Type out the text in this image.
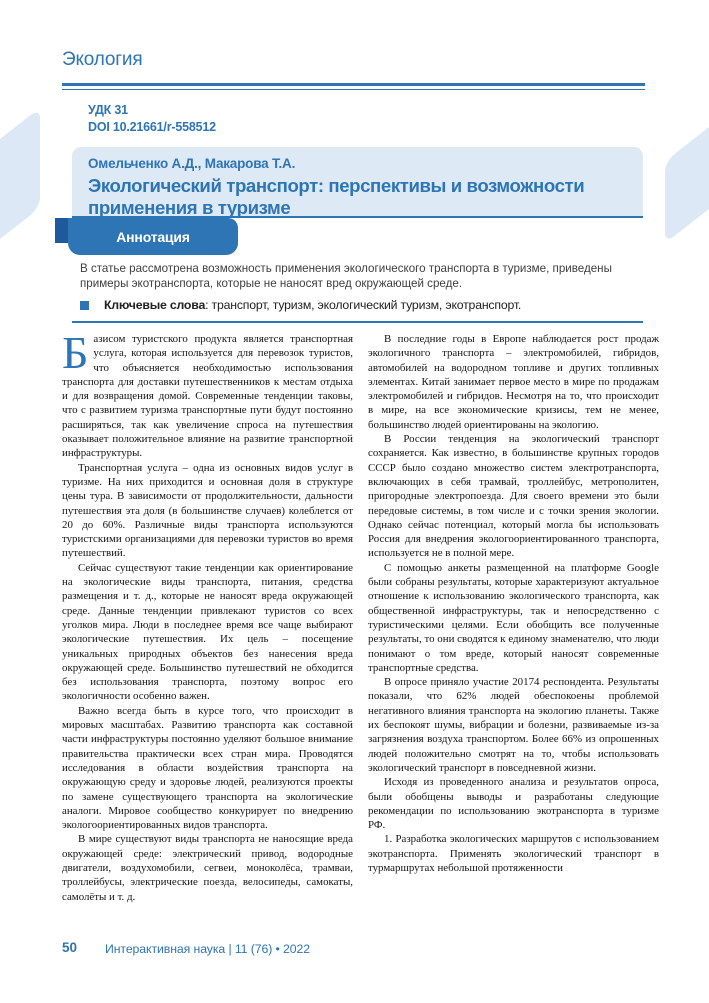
Экология
УДК 31
DOI 10.21661/r-558512
Омельченко А.Д., Макарова Т.А.
Экологический транспорт: перспективы и возможности применения в туризме
Аннотация
В статье рассмотрена возможность применения экологического транспорта в туризме, приведены примеры экотранспорта, которые не наносят вред окружающей среде.
Ключевые слова : транспорт, туризм, экологический туризм, экотранспорт.

Базисом туристского продукта является транспортная услуга, которая используется для перевозок туристов, что объясняется необходимостью использования транспорта для доставки путешественников к местам отдыха и для возвращения домой. Современные тенденции таковы, что с развитием туризма транспортные пути будут постоянно расширяться, так как увеличение спроса на путешествия оказывает положительное влияние на развитие транспортной инфраструктуры.

Транспортная услуга – одна из основных видов услуг в туризме. На них приходится и основная доля в структуре цены тура. В зависимости от продолжительности, дальности путешествия эта доля (в большинстве случаев) колеблется от 20 до 60%. Различные виды транспорта используются туристскими организациями для перевозки туристов во время путешествий.

Сейчас существуют такие тенденции как ориентирование на экологические виды транспорта, питания, средства размещения и т. д., которые не наносят вреда окружающей среде. Данные тенденции привлекают туристов со всех уголков мира. Люди в последнее время все чаще выбирают экологические путешествия. Их цель – посещение уникальных природных объектов без нанесения вреда окружающей среде. Большинство путешествий не обходится без использования транспорта, поэтому вопрос его экологичности особенно важен.

Важно всегда быть в курсе того, что происходит в мировых масштабах. Развитию транспорта как составной части инфраструктуры постоянно уделяют большое внимание правительства практически всех стран мира. Проводятся исследования в области воздействия транспорта на окружающую среду и здоровье людей, реализуются проекты по замене существующего транспорта на экологические аналоги. Мировое сообщество конкурирует по внедрению экологоориентированных видов транспорта.

В мире существуют виды транспорта не наносящие вреда окружающей среде: электрический привод, водородные двигатели, воздухомобили, сегвеи, моноколёса, трамваи, троллейбусы, электрические поезда, велосипеды, самокаты, самолёты и т. д.

В последние годы в Европе наблюдается рост продаж экологичного транспорта – электромобилей, гибридов, автомобилей на водородном топливе и других топливных элементах. Китай занимает первое место в мире по продажам электромобилей и гибридов. Несмотря на то, что происходит в мире, на все экономические кризисы, тем не менее, большинство людей ориентированы на экологию.

В России тенденция на экологический транспорт сохраняется. Как известно, в большинстве крупных городов СССР было создано множество систем электротранспорта, включающих в себя трамвай, троллейбус, метрополитен, пригородные электропоезда. Для своего времени это были передовые системы, в том числе и с точки зрения экологии. Однако сейчас потенциал, который могла бы использовать Россия для внедрения экологоориентированного транспорта, используется не в полной мере.

С помощью анкеты размещенной на платформе Google были собраны результаты, которые характеризуют актуальное отношение к использованию экологического транспорта, как общественной инфраструктуры, так и непосредственно с туристическими целями. Если обобщить все полученные результаты, то они сводятся к единому знаменателю, что люди понимают о том вреде, который наносят современные транспортные средства.

В опросе приняло участие 20174 респондента. Результаты показали, что 62% людей обеспокоены проблемой негативного влияния транспорта на экологию планеты. Также их беспокоят шумы, вибрации и болезни, развиваемые из-за загрязнения воздуха транспортом. Более 66% из опрошенных людей положительно смотрят на то, чтобы использовать экологический транспорт в повседневной жизни.

Исходя из проведенного анализа и результатов опроса, были обобщены выводы и разработаны следующие рекомендации по использованию экотранспорта в туризме РФ.

1. Разработка экологических маршрутов с использованием экотранспорта. Применять экологический транспорт в турмаршрутах небольшой протяженности

50 Интерактивная наука | 11 (76) • 2022
